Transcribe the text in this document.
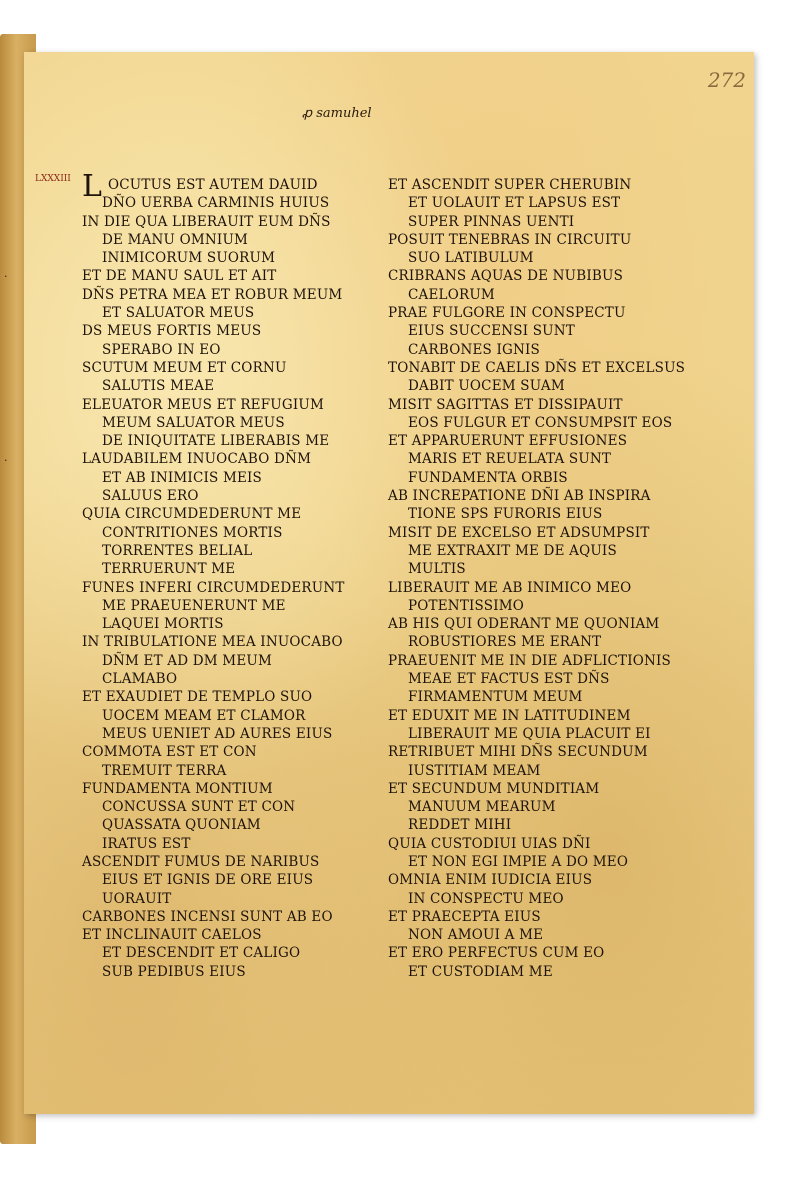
·
·
272
ꝓ samuhel
LXXXIII L OCUTUS EST AUTEM DAUID
DÑO UERBA CARMINIS HUIUS
IN DIE QUA LIBERAUIT EUM DÑS
DE MANU OMNIUM
INIMICORUM SUORUM
ET DE MANU SAUL ET AIT
DÑS PETRA MEA ET ROBUR MEUM
ET SALUATOR MEUS
DS MEUS FORTIS MEUS
SPERABO IN EO
SCUTUM MEUM ET CORNU
SALUTIS MEAE
ELEUATOR MEUS ET REFUGIUM
MEUM SALUATOR MEUS
DE INIQUITATE LIBERABIS ME
LAUDABILEM INUOCABO DÑM
ET AB INIMICIS MEIS
SALUUS ERO
QUIA CIRCUMDEDERUNT ME
CONTRITIONES MORTIS
TORRENTES BELIAL
TERRUERUNT ME
FUNES INFERI CIRCUMDEDERUNT
ME PRAEUENERUNT ME
LAQUEI MORTIS
IN TRIBULATIONE MEA INUOCABO
DÑM ET AD DM MEUM
CLAMABO
ET EXAUDIET DE TEMPLO SUO
UOCEM MEAM ET CLAMOR
MEUS UENIET AD AURES EIUS
COMMOTA EST ET CON
TREMUIT TERRA
FUNDAMENTA MONTIUM
CONCUSSA SUNT ET CON
QUASSATA QUONIAM
IRATUS EST
ASCENDIT FUMUS DE NARIBUS
EIUS ET IGNIS DE ORE EIUS
UORAUIT
CARBONES INCENSI SUNT AB EO
ET INCLINAUIT CAELOS
ET DESCENDIT ET CALIGO
SUB PEDIBUS EIUS
ET ASCENDIT SUPER CHERUBIN
ET UOLAUIT ET LAPSUS EST
SUPER PINNAS UENTI
POSUIT TENEBRAS IN CIRCUITU
SUO LATIBULUM
CRIBRANS AQUAS DE NUBIBUS
CAELORUM
PRAE FULGORE IN CONSPECTU
EIUS SUCCENSI SUNT
CARBONES IGNIS
TONABIT DE CAELIS DÑS ET EXCELSUS
DABIT UOCEM SUAM
MISIT SAGITTAS ET DISSIPAUIT
EOS FULGUR ET CONSUMPSIT EOS
ET APPARUERUNT EFFUSIONES
MARIS ET REUELATA SUNT
FUNDAMENTA ORBIS
AB INCREPATIONE DÑI AB INSPIRA
TIONE SPS FURORIS EIUS
MISIT DE EXCELSO ET ADSUMPSIT
ME EXTRAXIT ME DE AQUIS
MULTIS
LIBERAUIT ME AB INIMICO MEO
POTENTISSIMO
AB HIS QUI ODERANT ME QUONIAM
ROBUSTIORES ME ERANT
PRAEUENIT ME IN DIE ADFLICTIONIS
MEAE ET FACTUS EST DÑS
FIRMAMENTUM MEUM
ET EDUXIT ME IN LATITUDINEM
LIBERAUIT ME QUIA PLACUIT EI
RETRIBUET MIHI DÑS SECUNDUM
IUSTITIAM MEAM
ET SECUNDUM MUNDITIAM
MANUUM MEARUM
REDDET MIHI
QUIA CUSTODIUI UIAS DÑI
ET NON EGI IMPIE A DO MEO
OMNIA ENIM IUDICIA EIUS
IN CONSPECTU MEO
ET PRAECEPTA EIUS
NON AMOUI A ME
ET ERO PERFECTUS CUM EO
ET CUSTODIAM ME
